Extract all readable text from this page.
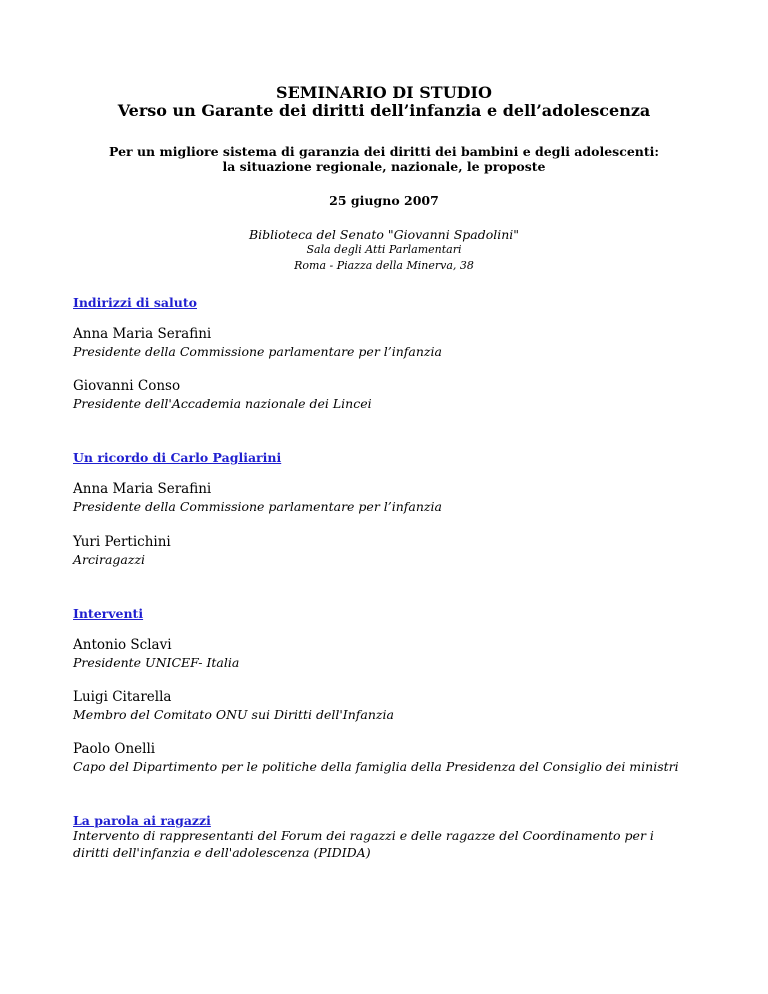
SEMINARIO DI STUDIO
Verso un Garante dei diritti dell’infanzia e dell’adolescenza
Per un migliore sistema di garanzia dei diritti dei bambini e degli adolescenti:
la situazione regionale, nazionale, le proposte
25 giugno 2007
Biblioteca del Senato "Giovanni Spadolini"
Sala degli Atti Parlamentari
Roma - Piazza della Minerva, 38
Indirizzi di saluto
Anna Maria Serafini
Presidente della Commissione parlamentare per l’infanzia
Giovanni Conso
Presidente dell'Accademia nazionale dei Lincei
Un ricordo di Carlo Pagliarini
Anna Maria Serafini
Presidente della Commissione parlamentare per l’infanzia
Yuri Pertichini
Arciragazzi
Interventi
Antonio Sclavi
Presidente UNICEF- Italia
Luigi Citarella
Membro del Comitato ONU sui Diritti dell'Infanzia
Paolo Onelli
Capo del Dipartimento per le politiche della famiglia della Presidenza del Consiglio dei ministri
La parola ai ragazzi
Intervento di rappresentanti del Forum dei ragazzi e delle ragazze del Coordinamento per i diritti dell'infanzia e dell'adolescenza (PIDIDA)
